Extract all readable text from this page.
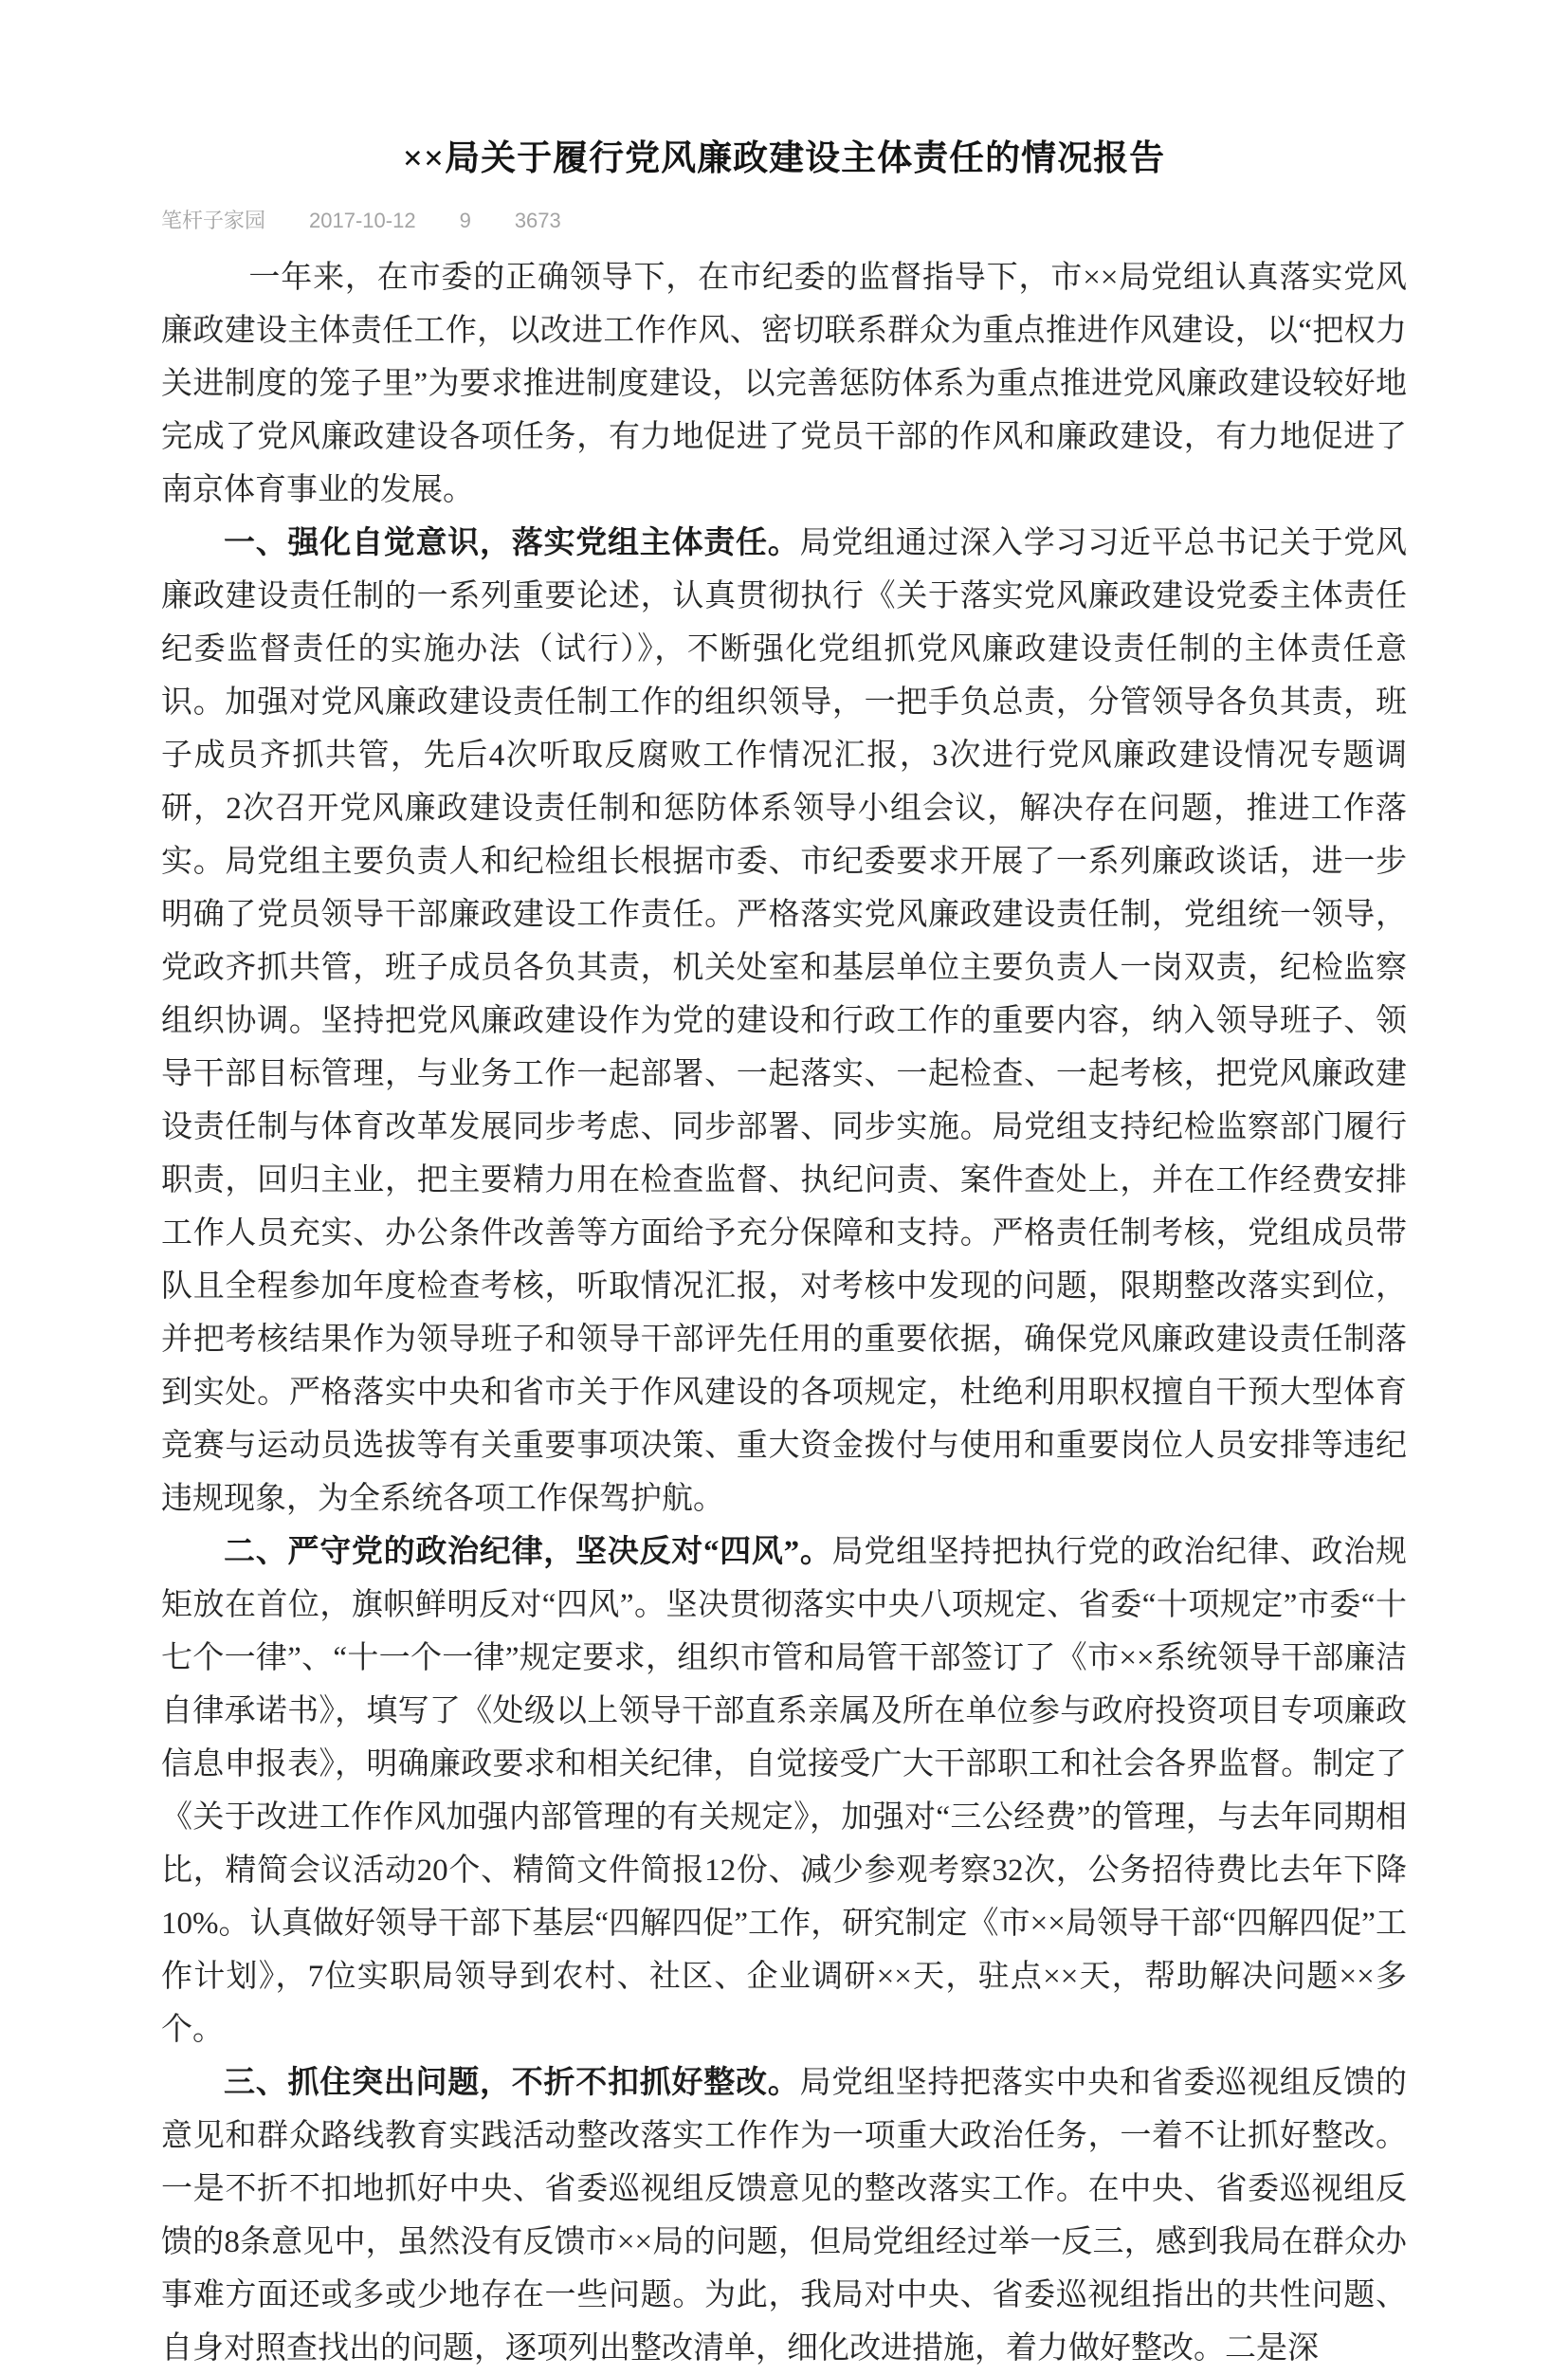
××局关于履行党风廉政建设主体责任的情况报告
笔杆子家园 2017-10-12 9 3673

一年来，在市委的正确领导下，在市纪委的监督指导下，市××局党组认真落实党风廉政建设主体责任工作，以改进工作作风、密切联系群众为重点推进作风建设，以“把权力关进制度的笼子里”为要求推进制度建设，以完善惩防体系为重点推进党风廉政建设较好地完成了党风廉政建设各项任务，有力地促进了党员干部的作风和廉政建设，有力地促进了南京体育事业的发展。

一、强化自觉意识，落实党组主体责任。局党组通过深入学习习近平总书记关于党风廉政建设责任制的一系列重要论述，认真贯彻执行《关于落实党风廉政建设党委主体责任纪委监督责任的实施办法（试行）》，不断强化党组抓党风廉政建设责任制的主体责任意识。加强对党风廉政建设责任制工作的组织领导，一把手负总责，分管领导各负其责，班子成员齐抓共管，先后4次听取反腐败工作情况汇报，3次进行党风廉政建设情况专题调研，2次召开党风廉政建设责任制和惩防体系领导小组会议，解决存在问题，推进工作落实。局党组主要负责人和纪检组长根据市委、市纪委要求开展了一系列廉政谈话，进一步明确了党员领导干部廉政建设工作责任。严格落实党风廉政建设责任制，党组统一领导，党政齐抓共管，班子成员各负其责，机关处室和基层单位主要负责人一岗双责，纪检监察组织协调。坚持把党风廉政建设作为党的建设和行政工作的重要内容，纳入领导班子、领导干部目标管理，与业务工作一起部署、一起落实、一起检查、一起考核，把党风廉政建设责任制与体育改革发展同步考虑、同步部署、同步实施。局党组支持纪检监察部门履行职责，回归主业，把主要精力用在检查监督、执纪问责、案件查处上，并在工作经费安排工作人员充实、办公条件改善等方面给予充分保障和支持。严格责任制考核，党组成员带队且全程参加年度检查考核，听取情况汇报，对考核中发现的问题，限期整改落实到位，并把考核结果作为领导班子和领导干部评先任用的重要依据，确保党风廉政建设责任制落到实处。严格落实中央和省市关于作风建设的各项规定，杜绝利用职权擅自干预大型体育竞赛与运动员选拔等有关重要事项决策、重大资金拨付与使用和重要岗位人员安排等违纪违规现象，为全系统各项工作保驾护航。

二、严守党的政治纪律，坚决反对“四风”。局党组坚持把执行党的政治纪律、政治规矩放在首位，旗帜鲜明反对“四风”。坚决贯彻落实中央八项规定、省委“十项规定”市委“十七个一律”、“十一个一律”规定要求，组织市管和局管干部签订了《市××系统领导干部廉洁自律承诺书》，填写了《处级以上领导干部直系亲属及所在单位参与政府投资项目专项廉政信息申报表》，明确廉政要求和相关纪律，自觉接受广大干部职工和社会各界监督。制定了《关于改进工作作风加强内部管理的有关规定》，加强对“三公经费”的管理，与去年同期相比，精简会议活动20个、精简文件简报12份、减少参观考察32次，公务招待费比去年下降10%。认真做好领导干部下基层“四解四促”工作，研究制定《市××局领导干部“四解四促”工作计划》，7位实职局领导到农村、社区、企业调研××天，驻点××天，帮助解决问题××多个。

三、抓住突出问题，不折不扣抓好整改。局党组坚持把落实中央和省委巡视组反馈的意见和群众路线教育实践活动整改落实工作作为一项重大政治任务，一着不让抓好整改。一是不折不扣地抓好中央、省委巡视组反馈意见的整改落实工作。在中央、省委巡视组反馈的8条意见中，虽然没有反馈市××局的问题，但局党组经过举一反三，感到我局在群众办事难方面还或多或少地存在一些问题。为此，我局对中央、省委巡视组指出的共性问题、自身对照查找出的问题，逐项列出整改清单，细化改进措施，着力做好整改。二是深
